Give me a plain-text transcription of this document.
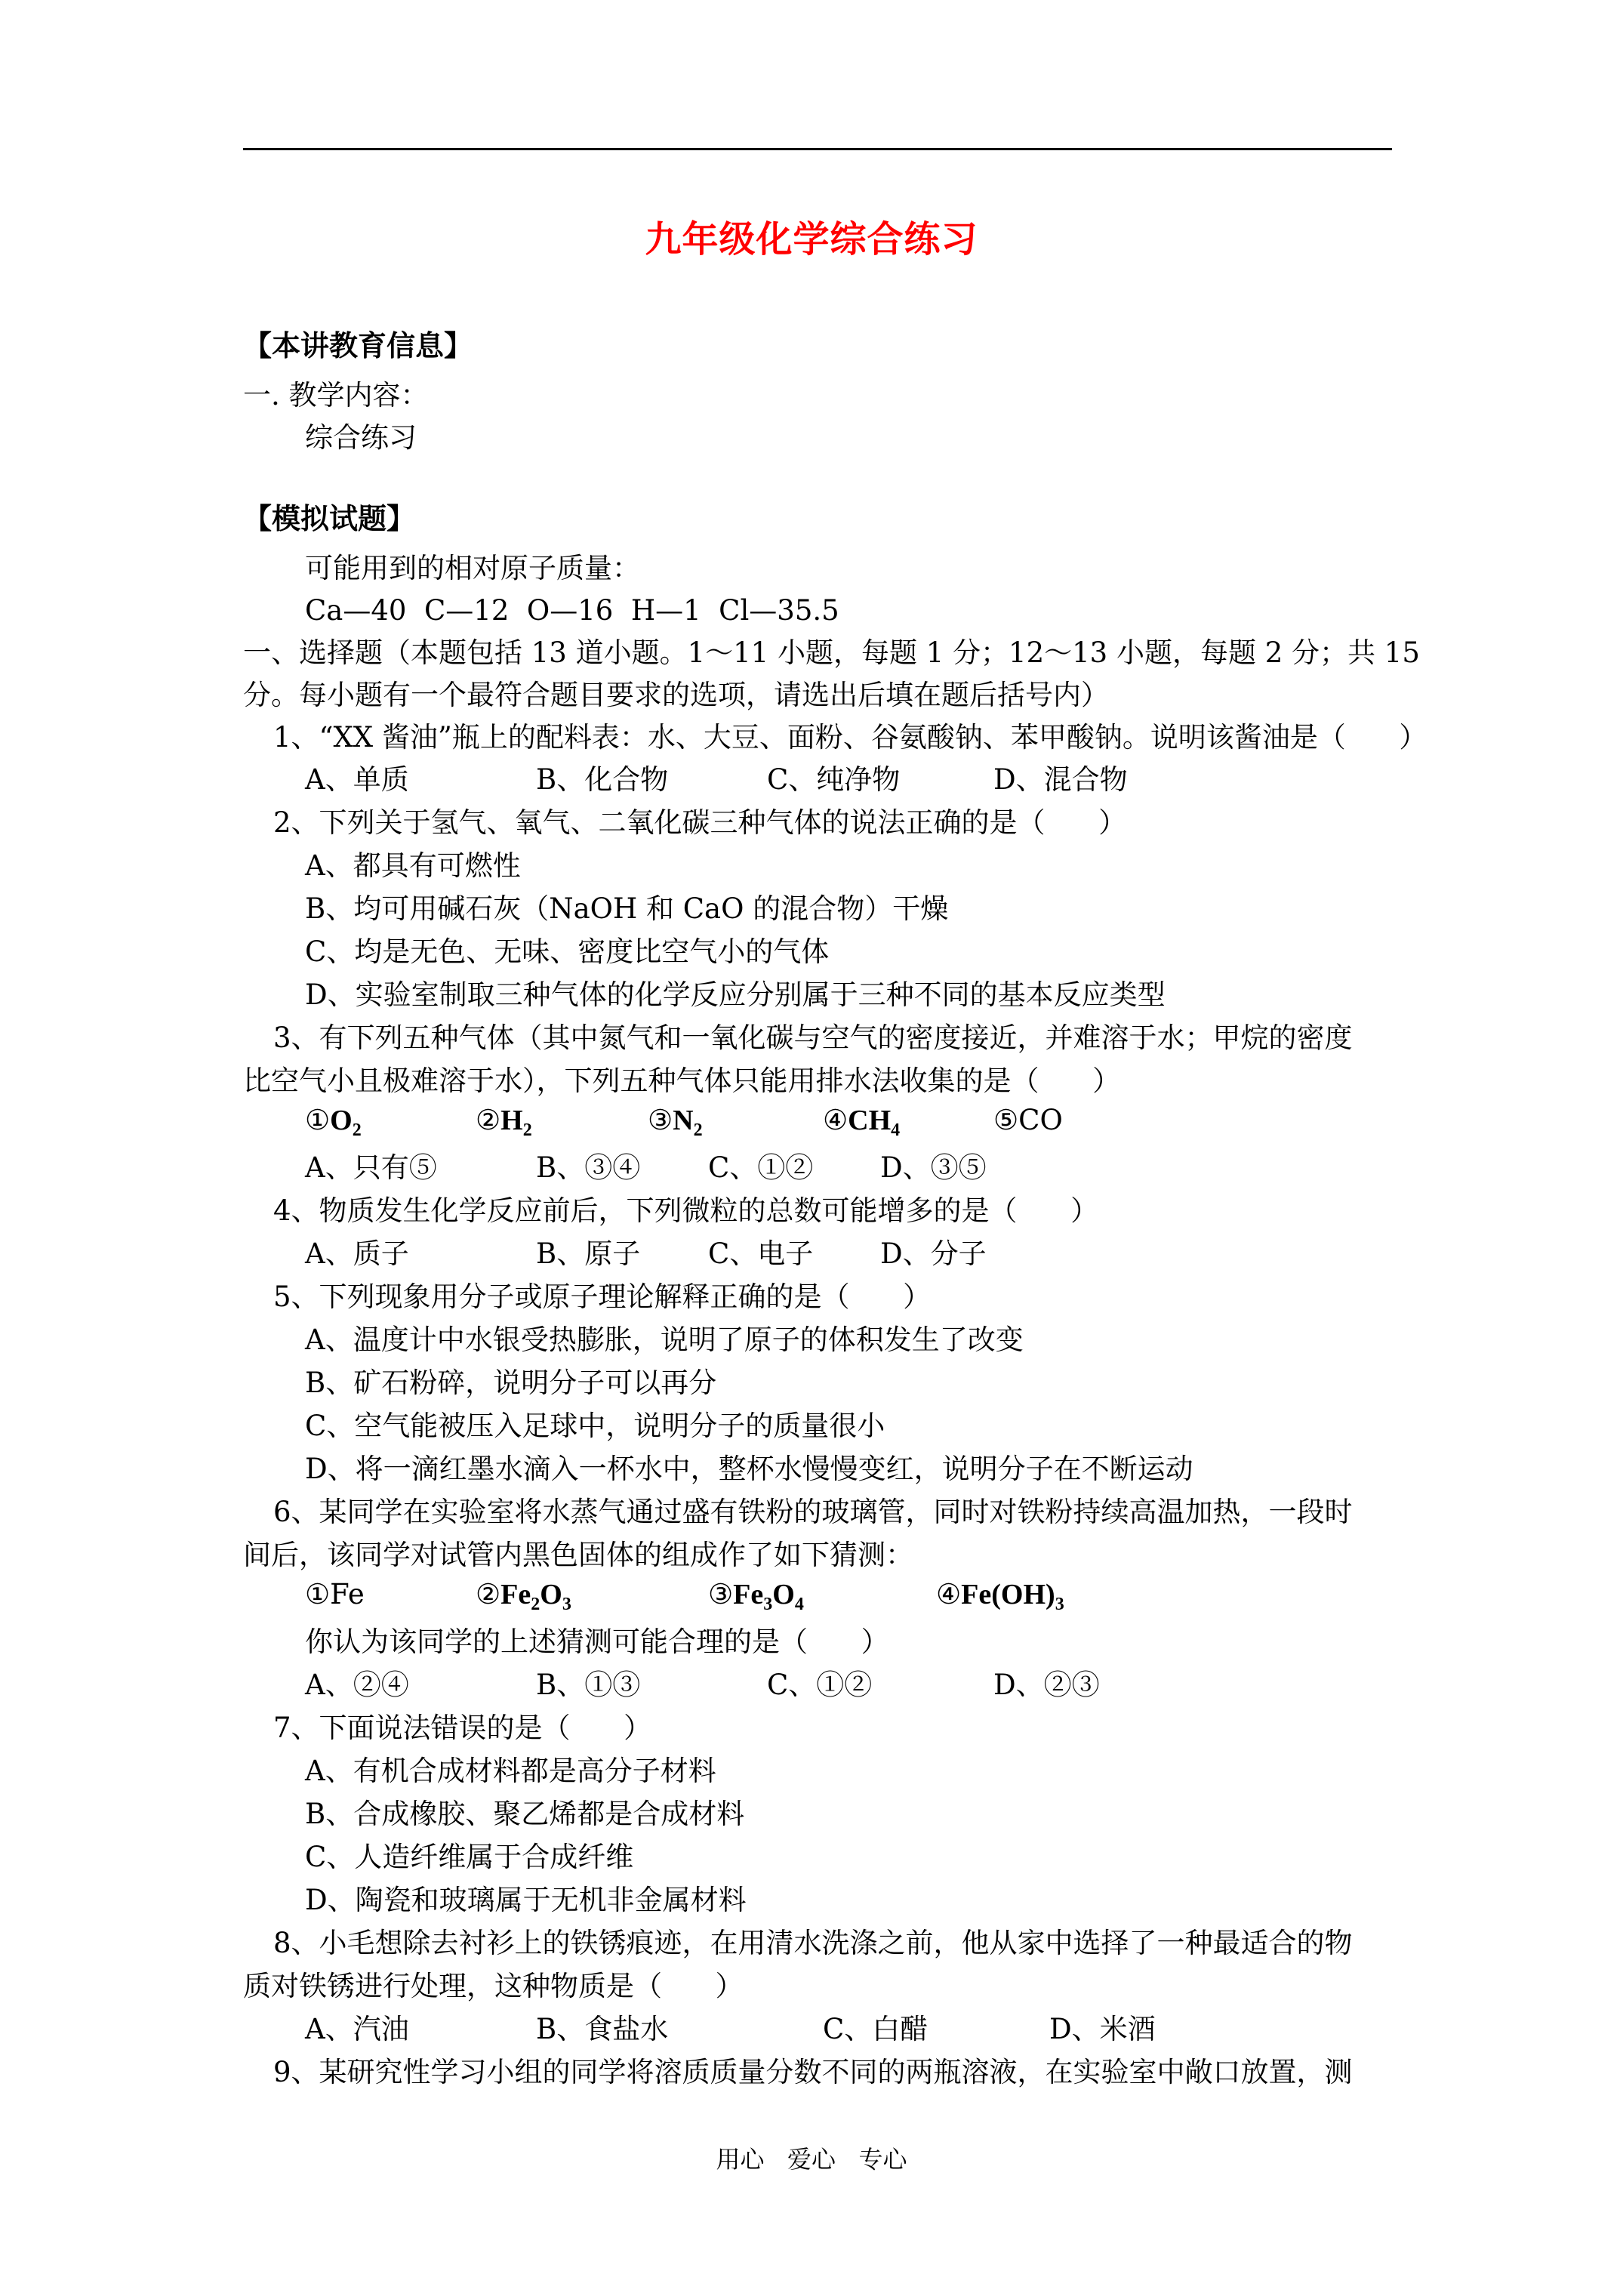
九年级化学综合练习
【本讲教育信息】
一. 教学内容：
综合练习
【模拟试题】
可能用到的相对原子质量：
Ca—40  C—12  O—16  H—1  Cl—35.5
一、选择题（本题包括 13 道小题。1～11 小题，每题 1 分；12～13 小题，每题 2 分；共 15
分。每小题有一个最符合题目要求的选项，请选出后填在题后括号内）
1、“XX 酱油”瓶上的配料表：水、大豆、面粉、谷氨酸钠、苯甲酸钠。说明该酱油是（      ）
A、单质	B、化合物	C、纯净物	D、混合物
2、下列关于氢气、氧气、二氧化碳三种气体的说法正确的是（      ）
A、都具有可燃性
B、均可用碱石灰（NaOH 和 CaO 的混合物）干燥
C、均是无色、无味、密度比空气小的气体
D、实验室制取三种气体的化学反应分别属于三种不同的基本反应类型
3、有下列五种气体（其中氮气和一氧化碳与空气的密度接近，并难溶于水；甲烷的密度
比空气小且极难溶于水），下列五种气体只能用排水法收集的是（      ）
$①O_2$	$②H_2$	$③N_2$	$④CH_4$	⑤CO
A、只有⑤	B、③④ C、①② D、③⑤
4、物质发生化学反应前后，下列微粒的总数可能增多的是（      ）
A、质子	B、原子 C、电子 D、分子
5、下列现象用分子或原子理论解释正确的是（      ）
A、温度计中水银受热膨胀，说明了原子的体积发生了改变
B、矿石粉碎，说明分子可以再分
C、空气能被压入足球中，说明分子的质量很小
D、将一滴红墨水滴入一杯水中，整杯水慢慢变红，说明分子在不断运动
6、某同学在实验室将水蒸气通过盛有铁粉的玻璃管，同时对铁粉持续高温加热，一段时
间后，该同学对试管内黑色固体的组成作了如下猜测：
①Fe	$②Fe_2O_3$	$③Fe_3O_4$	$④Fe(OH)_3$
你认为该同学的上述猜测可能合理的是（      ）
A、②④	B、①③	C、①②	D、②③
7、下面说法错误的是（      ）
A、有机合成材料都是高分子材料
B、合成橡胶、聚乙烯都是合成材料
C、人造纤维属于合成纤维
D、陶瓷和玻璃属于无机非金属材料
8、小毛想除去衬衫上的铁锈痕迹，在用清水洗涤之前，他从家中选择了一种最适合的物
质对铁锈进行处理，这种物质是（      ）
A、汽油	B、食盐水	C、白醋	D、米酒
9、某研究性学习小组的同学将溶质质量分数不同的两瓶溶液，在实验室中敞口放置，测
用心   爱心   专心
